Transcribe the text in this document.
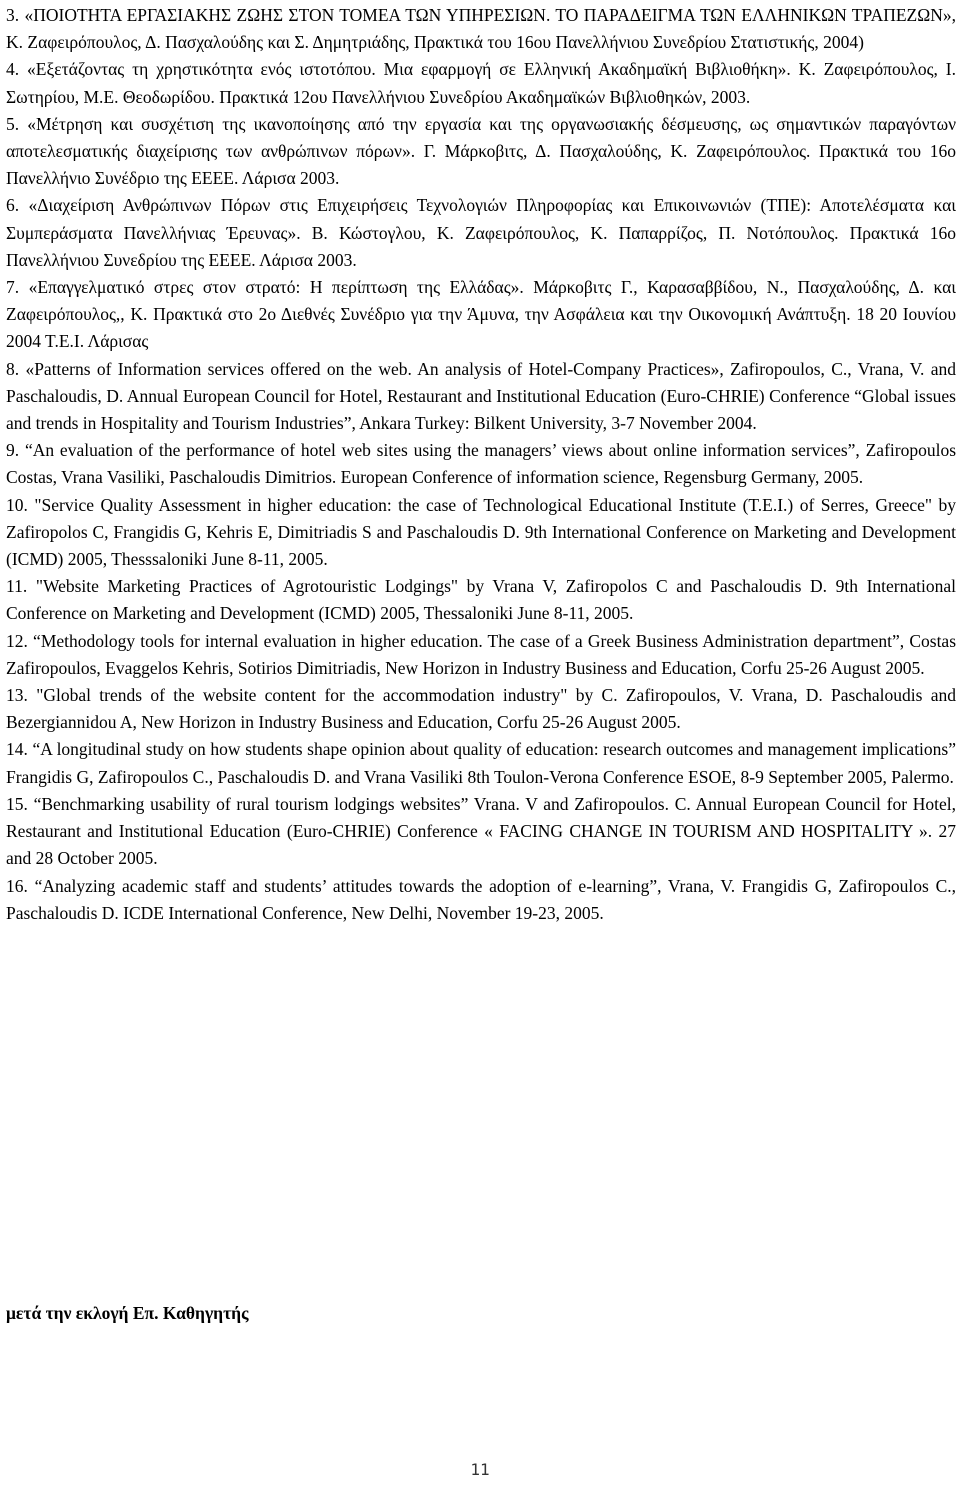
3. «ΠΟΙΟΤΗΤΑ ΕΡΓΑΣΙΑΚΗΣ ΖΩΗΣ ΣΤΟΝ ΤΟΜΕΑ ΤΩΝ ΥΠΗΡΕΣΙΩΝ. ΤΟ ΠΑΡΑΔΕΙΓΜΑ ΤΩΝ ΕΛΛΗΝΙΚΩΝ ΤΡΑΠΕΖΩΝ», Κ. Ζαφειρόπουλος, Δ. Πασχαλούδης και Σ. Δημητριάδης, Πρακτικά του 16ου Πανελλήνιου Συνεδρίου Στατιστικής, 2004)

4. «Εξετάζοντας τη χρηστικότητα ενός ιστοτόπου. Μια εφαρμογή σε Ελληνική Ακαδημαϊκή Βιβλιοθήκη». Κ. Ζαφειρόπουλος, Ι. Σωτηρίου, Μ.Ε. Θεοδωρίδου. Πρακτικά 12ου Πανελλήνιου Συνεδρίου Ακαδημαϊκών Βιβλιοθηκών, 2003.

5. «Μέτρηση και συσχέτιση της ικανοποίησης από την εργασία και της οργανωσιακής δέσμευσης, ως σημαντικών παραγόντων αποτελεσματικής διαχείρισης των ανθρώπινων πόρων». Γ. Μάρκοβιτς, Δ. Πασχαλούδης, Κ. Ζαφειρόπουλος. Πρακτικά του 16ο Πανελλήνιο Συνέδριο της ΕΕΕΕ. Λάρισα 2003.

6. «Διαχείριση Ανθρώπινων Πόρων στις Επιχειρήσεις Τεχνολογιών Πληροφορίας και Επικοινωνιών (ΤΠΕ): Αποτελέσματα και Συμπεράσματα Πανελλήνιας Έρευνας». Β. Κώστογλου, Κ. Ζαφειρόπουλος, Κ. Παπαρρίζος, Π. Νοτόπουλος. Πρακτικά 16ο Πανελλήνιου Συνεδρίου της ΕΕΕΕ. Λάρισα 2003.

7. «Επαγγελματικό στρες στον στρατό: Η περίπτωση της Ελλάδας». Μάρκοβιτς Γ., Καρασαββίδου, Ν., Πασχαλούδης, Δ. και Ζαφειρόπουλος,, Κ. Πρακτικά στο 2ο Διεθνές Συνέδριο για την Άμυνα, την Ασφάλεια και την Οικονομική Ανάπτυξη. 18 20 Ιουνίου 2004 Τ.Ε.Ι. Λάρισας

8. «Patterns of Information services offered on the web. An analysis of Hotel-Company Practices», Zafiropoulos, C., Vrana, V. and Paschaloudis, D. Annual European Council for Hotel, Restaurant and Institutional Education (Euro-CHRIE) Conference “Global issues and trends in Hospitality and Tourism Industries”, Ankara Turkey: Bilkent University, 3-7 November 2004.

9. “An evaluation of the performance of hotel web sites using the managers’ views about online information services”, Zafiropoulos Costas, Vrana Vasiliki, Paschaloudis Dimitrios. European Conference of information science, Regensburg Germany, 2005.

10. "Service Quality Assessment in higher education: the case of Technological Educational Institute (T.E.I.) of Serres, Greece" by Zafiropolos C, Frangidis G, Kehris E, Dimitriadis S and Paschaloudis D. 9th International Conference on Marketing and Development (ICMD) 2005, Thesssaloniki June 8-11, 2005.

11. "Website Marketing Practices of Agrotouristic Lodgings" by Vrana V, Zafiropolos C and Paschaloudis D. 9th International Conference on Marketing and Development (ICMD) 2005, Thessaloniki June 8-11, 2005.

12. “Methodology tools for internal evaluation in higher education. The case of a Greek Business Administration department”, Costas Zafiropoulos, Evaggelos Kehris, Sotirios Dimitriadis, New Horizon in Industry Business and Education, Corfu 25-26 August 2005.

13. "Global trends of the website content for the accommodation industry" by C. Zafiropoulos, V. Vrana, D. Paschaloudis and Bezergiannidou A, New Horizon in Industry Business and Education, Corfu 25-26 August 2005.

14. “A longitudinal study on how students shape opinion about quality of education: research outcomes and management implications” Frangidis G, Zafiropoulos C., Paschaloudis D. and Vrana Vasiliki 8th Toulon-Verona Conference ESOE, 8-9 September 2005, Palermo.

15. “Benchmarking usability of rural tourism lodgings websites” Vrana. V and Zafiropoulos. C. Annual European Council for Hotel, Restaurant and Institutional Education (Euro-CHRIE) Conference « FACING CHANGE IN TOURISM AND HOSPITALITY ». 27 and 28 October 2005.

16. “Analyzing academic staff and students’ attitudes towards the adoption of e-learning”, Vrana, V. Frangidis G, Zafiropoulos C., Paschaloudis D. ICDE International Conference, New Delhi, November 19-23, 2005.

μετά την εκλογή Επ. Καθηγητής

11
